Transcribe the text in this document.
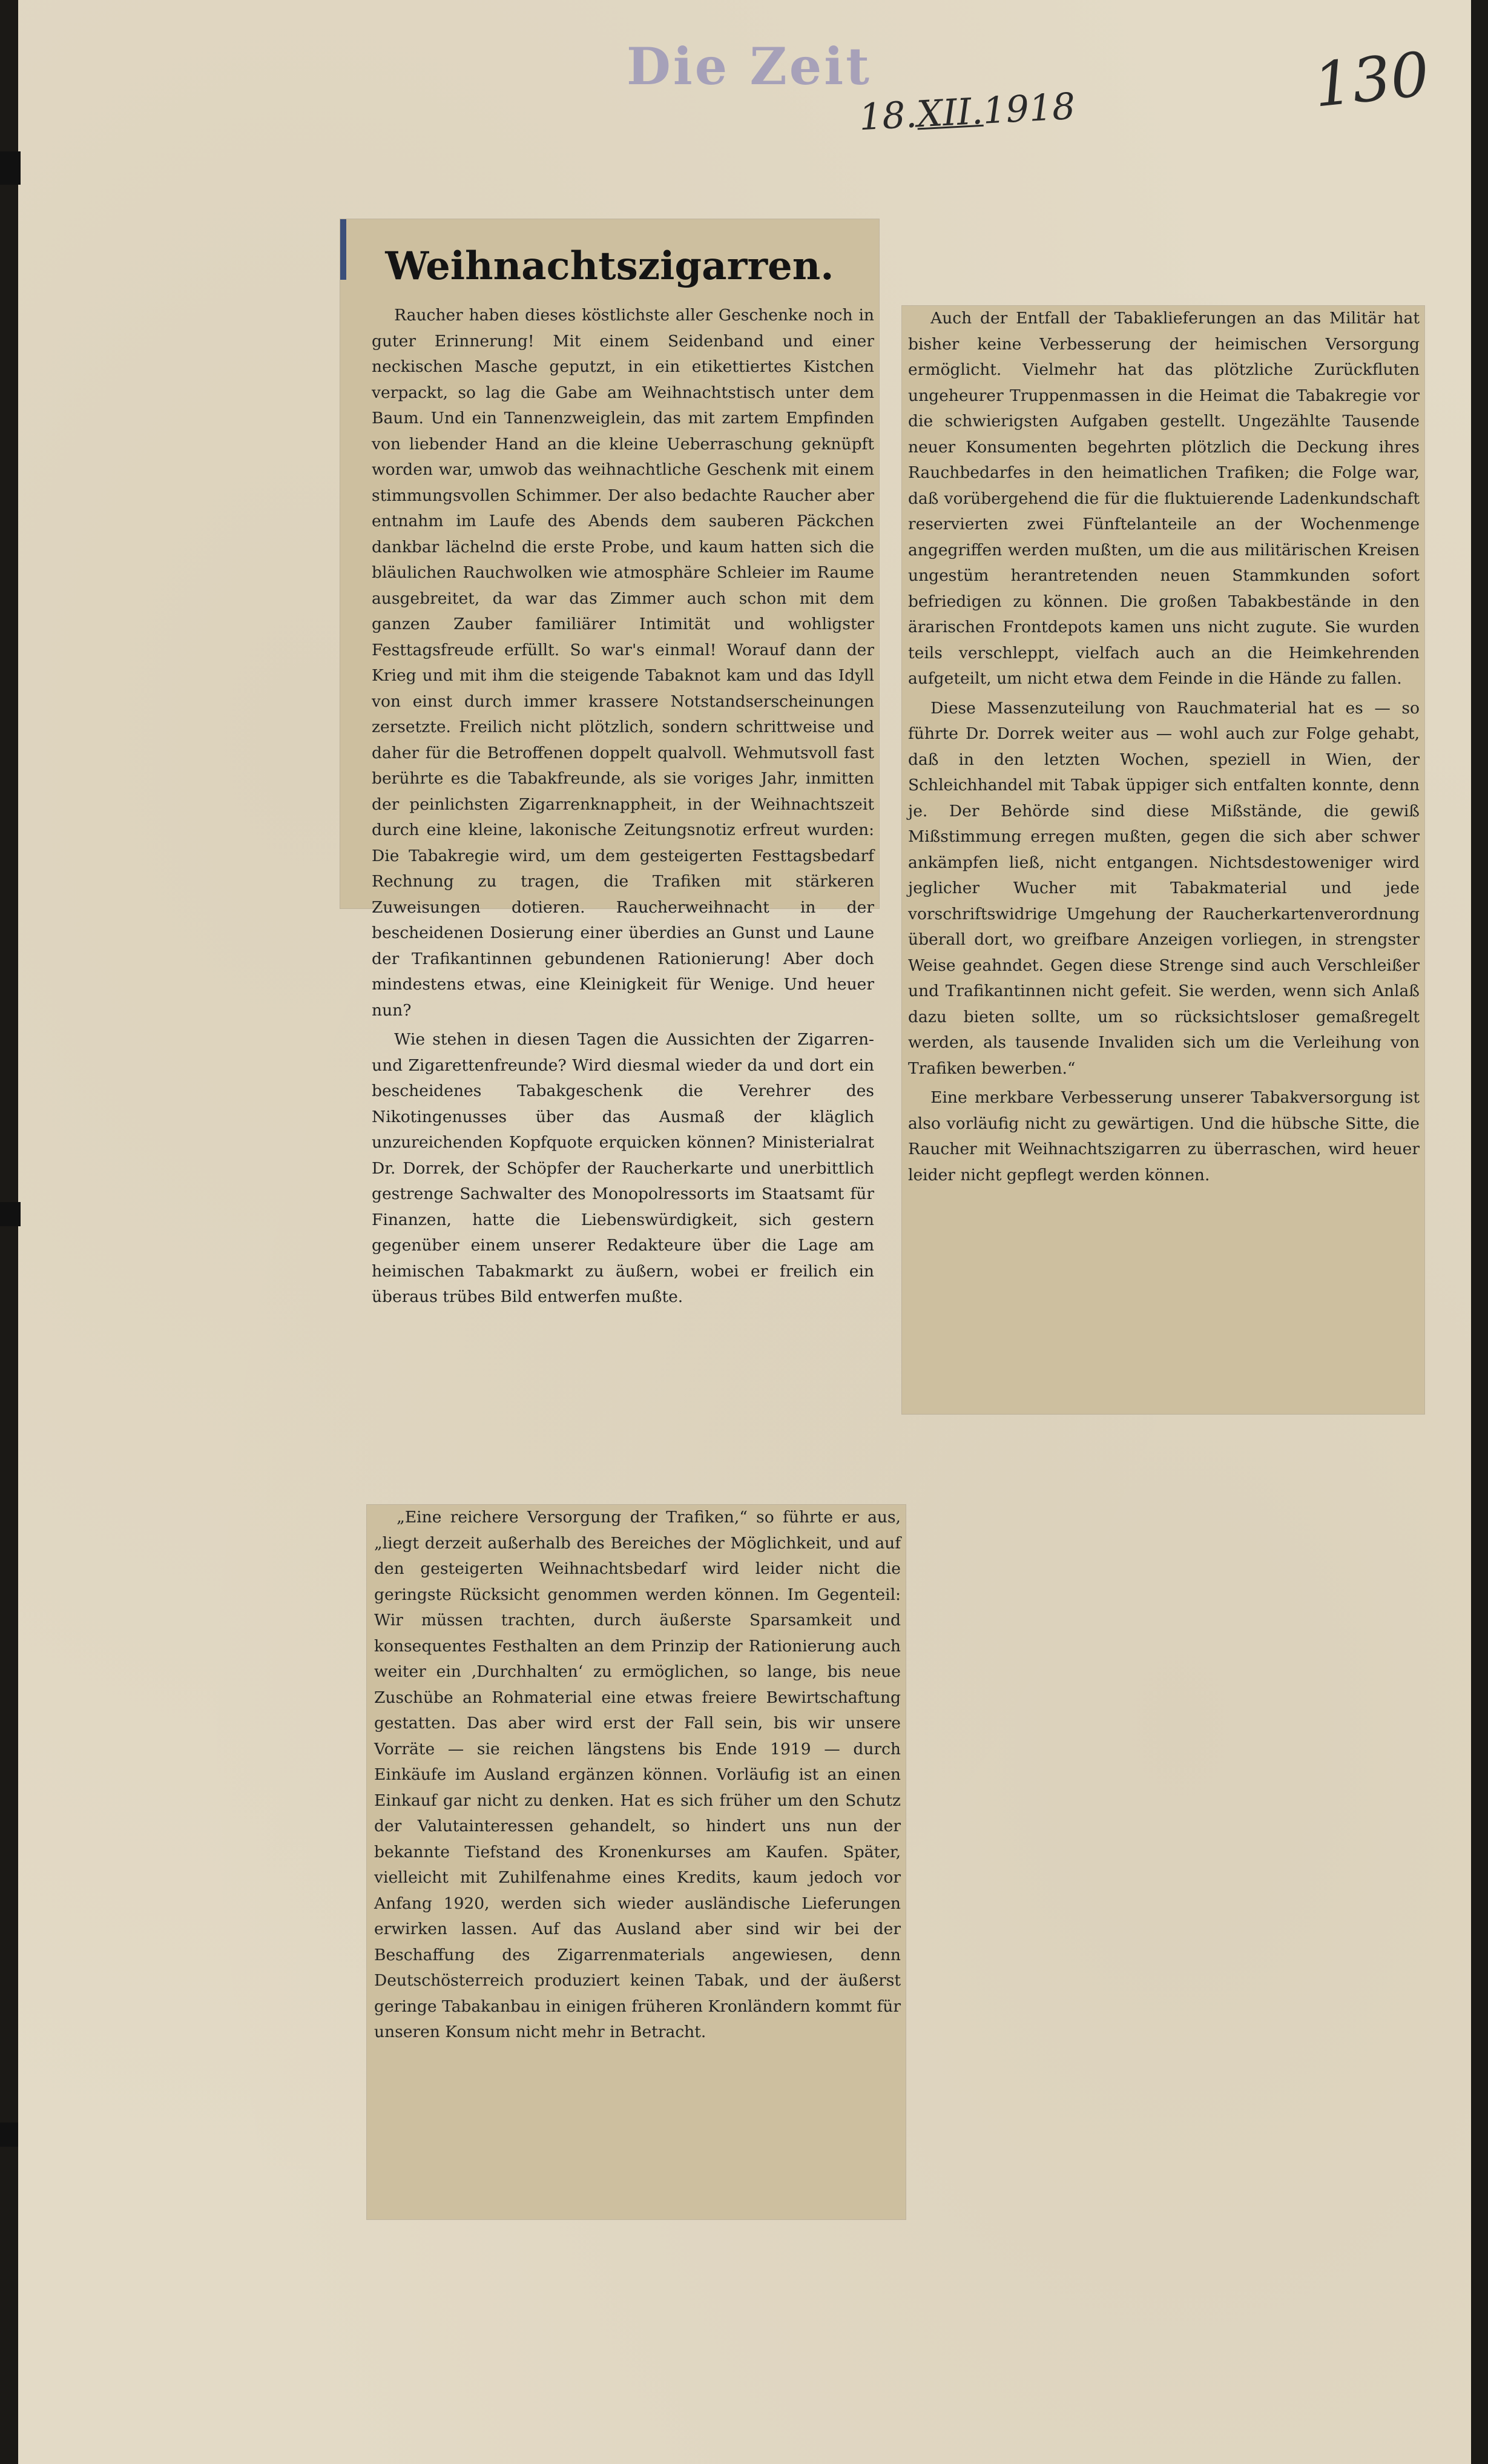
Die Zeit
18.XII.1918	130
Weihnachtszigarren.

Raucher haben dieses köstlichste aller Geschenke noch in guter Erinnerung! Mit einem Seidenband und einer neckischen Masche geputzt, in ein etikettiertes Kistchen verpackt, so lag die Gabe am Weihnachtstisch unter dem Baum. Und ein Tannenzweiglein, das mit zartem Empfinden von liebender Hand an die kleine Ueberraschung geknüpft worden war, umwob das weihnachtliche Geschenk mit einem stimmungsvollen Schimmer. Der also bedachte Raucher aber entnahm im Laufe des Abends dem sauberen Päckchen dankbar lächelnd die erste Probe, und kaum hatten sich die bläulichen Rauchwolken wie atmosphäre Schleier im Raume ausgebreitet, da war das Zimmer auch schon mit dem ganzen Zauber familiärer Intimität und wohligster Festtagsfreude erfüllt. So war's einmal! Worauf dann der Krieg und mit ihm die steigende Tabaknot kam und das Idyll von einst durch immer krassere Notstandserscheinungen zersetzte. Freilich nicht plötzlich, sondern schrittweise und daher für die Betroffenen doppelt qualvoll. Wehmutsvoll fast berührte es die Tabakfreunde, als sie voriges Jahr, inmitten der peinlichsten Zigarrenknappheit, in der Weihnachtszeit durch eine kleine, lakonische Zeitungsnotiz erfreut wurden: Die Tabakregie wird, um dem gesteigerten Festtagsbedarf Rechnung zu tragen, die Trafiken mit stärkeren Zuweisungen dotieren. Raucherweihnacht in der bescheidenen Dosierung einer überdies an Gunst und Laune der Trafikantinnen gebundenen Rationierung! Aber doch mindestens etwas, eine Kleinigkeit für Wenige. Und heuer nun?

Wie stehen in diesen Tagen die Aussichten der Zigarren- und Zigarettenfreunde? Wird diesmal wieder da und dort ein bescheidenes Tabakgeschenk die Verehrer des Nikotingenusses über das Ausmaß der kläglich unzureichenden Kopfquote erquicken können? Ministerialrat Dr. Dorrek, der Schöpfer der Raucherkarte und unerbittlich gestrenge Sachwalter des Monopolressorts im Staatsamt für Finanzen, hatte die Liebenswürdigkeit, sich gestern gegenüber einem unserer Redakteure über die Lage am heimischen Tabakmarkt zu äußern, wobei er freilich ein überaus trübes Bild entwerfen mußte.

„Eine reichere Versorgung der Trafiken,“ so führte er aus, „liegt derzeit außerhalb des Bereiches der Möglichkeit, und auf den gesteigerten Weihnachtsbedarf wird leider nicht die geringste Rücksicht genommen werden können. Im Gegenteil: Wir müssen trachten, durch äußerste Sparsamkeit und konsequentes Festhalten an dem Prinzip der Rationierung auch weiter ein ‚Durchhalten‘ zu ermöglichen, so lange, bis neue Zuschübe an Rohmaterial eine etwas freiere Bewirtschaftung gestatten. Das aber wird erst der Fall sein, bis wir unsere Vorräte — sie reichen längstens bis Ende 1919 — durch Einkäufe im Ausland ergänzen können. Vorläufig ist an einen Einkauf gar nicht zu denken. Hat es sich früher um den Schutz der Valutainteressen gehandelt, so hindert uns nun der bekannte Tiefstand des Kronenkurses am Kaufen. Später, vielleicht mit Zuhilfenahme eines Kredits, kaum jedoch vor Anfang 1920, werden sich wieder ausländische Lieferungen erwirken lassen. Auf das Ausland aber sind wir bei der Beschaffung des Zigarrenmaterials angewiesen, denn Deutschösterreich produziert keinen Tabak, und der äußerst geringe Tabakanbau in einigen früheren Kronländern kommt für unseren Konsum nicht mehr in Betracht.

Auch der Entfall der Tabaklieferungen an das Militär hat bisher keine Verbesserung der heimischen Versorgung ermöglicht. Vielmehr hat das plötzliche Zurückfluten ungeheurer Truppenmassen in die Heimat die Tabakregie vor die schwierigsten Aufgaben gestellt. Ungezählte Tausende neuer Konsumenten begehrten plötzlich die Deckung ihres Rauchbedarfes in den heimatlichen Trafiken; die Folge war, daß vorübergehend die für die fluktuierende Ladenkundschaft reservierten zwei Fünftelanteile an der Wochenmenge angegriffen werden mußten, um die aus militärischen Kreisen ungestüm herantretenden neuen Stammkunden sofort befriedigen zu können. Die großen Tabakbestände in den ärarischen Frontdepots kamen uns nicht zugute. Sie wurden teils verschleppt, vielfach auch an die Heimkehrenden aufgeteilt, um nicht etwa dem Feinde in die Hände zu fallen.

Diese Massenzuteilung von Rauchmaterial hat es — so führte Dr. Dorrek weiter aus — wohl auch zur Folge gehabt, daß in den letzten Wochen, speziell in Wien, der Schleichhandel mit Tabak üppiger sich entfalten konnte, denn je. Der Behörde sind diese Mißstände, die gewiß Mißstimmung erregen mußten, gegen die sich aber schwer ankämpfen ließ, nicht entgangen. Nichtsdestoweniger wird jeglicher Wucher mit Tabakmaterial und jede vorschriftswidrige Umgehung der Raucherkartenverordnung überall dort, wo greifbare Anzeigen vorliegen, in strengster Weise geahndet. Gegen diese Strenge sind auch Verschleißer und Trafikantinnen nicht gefeit. Sie werden, wenn sich Anlaß dazu bieten sollte, um so rücksichtsloser gemaßregelt werden, als tausende Invaliden sich um die Verleihung von Trafiken bewerben.“

Eine merkbare Verbesserung unserer Tabakversorgung ist also vorläufig nicht zu gewärtigen. Und die hübsche Sitte, die Raucher mit Weihnachtszigarren zu überraschen, wird heuer leider nicht gepflegt werden können.
